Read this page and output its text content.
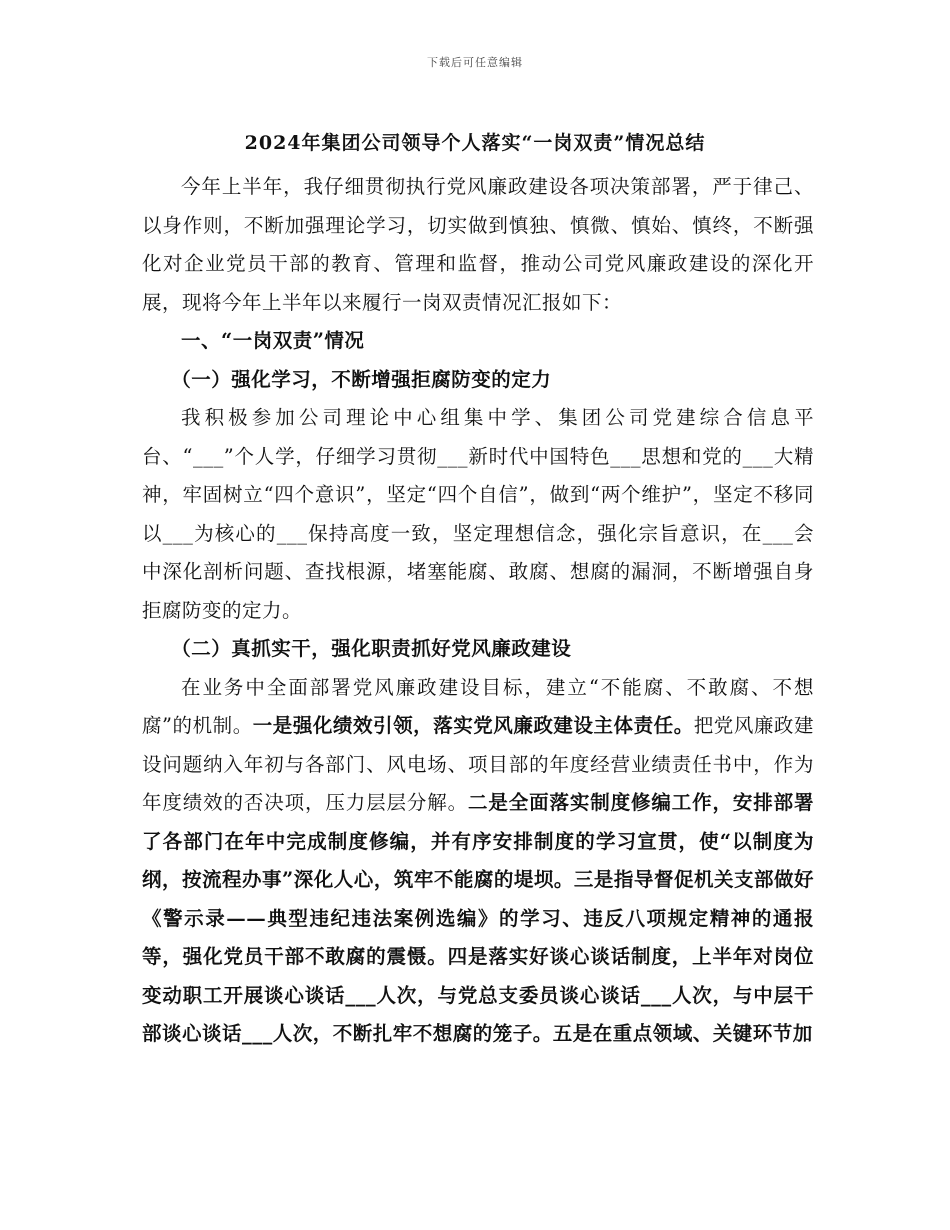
下载后可任意编辑
2024年集团公司领导个人落实“一岗双责”情况总结

今年上半年，我仔细贯彻执行党风廉政建设各项决策部署，严于律己、以身作则，不断加强理论学习，切实做到慎独、慎微、慎始、慎终，不断强化对企业党员干部的教育、管理和监督，推动公司党风廉政建设的深化开展，现将今年上半年以来履行一岗双责情况汇报如下：

一、“一岗双责”情况

（一）强化学习，不断增强拒腐防变的定力

我积极参加公司理论中心组集中学、集团公司党建综合信息平台、“___”个人学，仔细学习贯彻___新时代中国特色___思想和党的___大精神，牢固树立“四个意识”，坚定“四个自信”，做到“两个维护”，坚定不移同以___为核心的___保持高度一致，坚定理想信念，强化宗旨意识，在___会中深化剖析问题、查找根源，堵塞能腐、敢腐、想腐的漏洞，不断增强自身拒腐防变的定力。

（二）真抓实干，强化职责抓好党风廉政建设

在业务中全面部署党风廉政建设目标，建立“不能腐、不敢腐、不想腐”的机制。一是强化绩效引领，落实党风廉政建设主体责任。把党风廉政建设问题纳入年初与各部门、风电场、项目部的年度经营业绩责任书中，作为年度绩效的否决项，压力层层分解。二是全面落实制度修编工作，安排部署了各部门在年中完成制度修编，并有序安排制度的学习宣贯，使“以制度为纲，按流程办事”深化人心，筑牢不能腐的堤坝。三是指导督促机关支部做好《警示录——典型违纪违法案例选编》的学习、违反八项规定精神的通报等，强化党员干部不敢腐的震慑。四是落实好谈心谈话制度，上半年对岗位变动职工开展谈心谈话___人次，与党总支委员谈心谈话___人次，与中层干部谈心谈话___人次，不断扎牢不想腐的笼子。五是在重点领域、关键环节加
